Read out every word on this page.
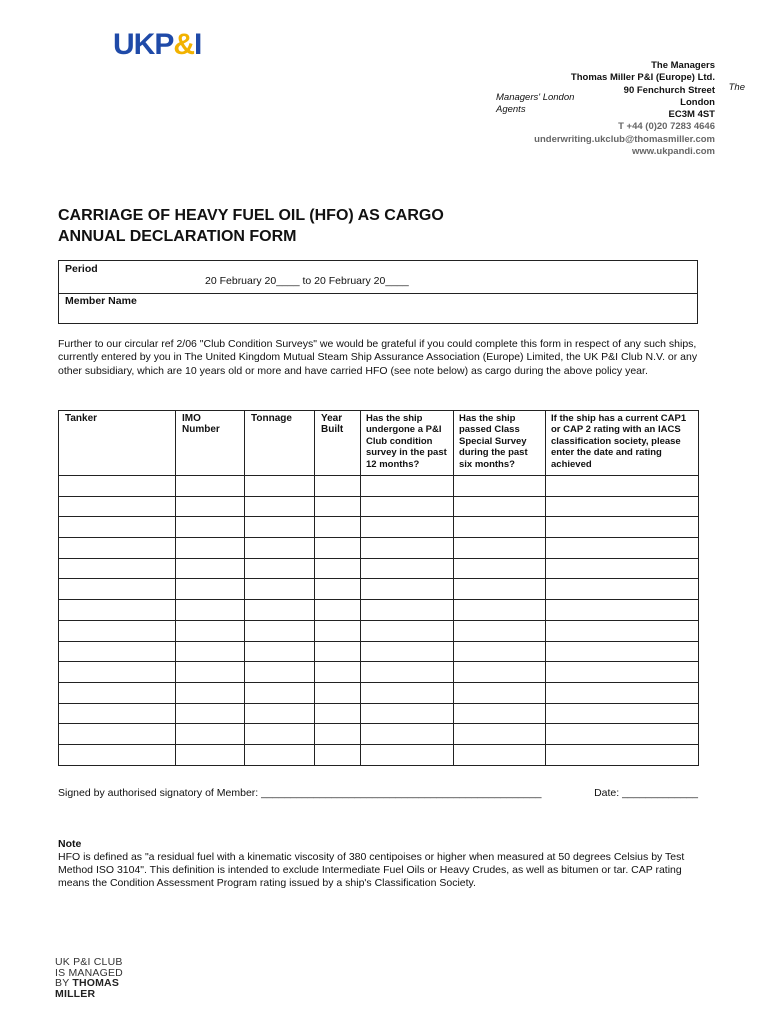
UKP&I
The Managers
Thomas Miller P&I (Europe) Ltd.
90 Fenchurch Street
London
EC3M 4ST
T +44 (0)20 7283 4646
underwriting.ukclub@thomasmiller.com
www.ukpandi.com
Managers' London
Agents
The
CARRIAGE OF HEAVY FUEL OIL (HFO) AS CARGO
ANNUAL DECLARATION FORM
Period
20 February 20____ to 20 February 20____
Member Name
Further to our circular ref 2/06 "Club Condition Surveys" we would be grateful if you could complete this form in respect of any such ships, currently entered by you in The United Kingdom Mutual Steam Ship Assurance Association (Europe) Limited, the UK P&I Club N.V. or any other subsidiary, which are 10 years old or more and have carried HFO (see note below) as cargo during the above policy year.
Tanker	IMO Number	Tonnage	Year Built	Has the ship undergone a P&I Club condition survey in the past 12 months?	Has the ship passed Class Special Survey during the past six months?	If the ship has a current CAP1 or CAP 2 rating with an IACS classification society, please enter the date and rating achieved

Signed by authorised signatory of Member: ________________________________________________	Date: _____________
Note
HFO is defined as "a residual fuel with a kinematic viscosity of 380 centipoises or higher when measured at 50 degrees Celsius by Test Method ISO 3104". This definition is intended to exclude Intermediate Fuel Oils or Heavy Crudes, as well as bitumen or tar. CAP rating means the Condition Assessment Program rating issued by a ship's Classification Society.
UK P&I CLUB
IS MANAGED
BY THOMAS
MILLER
